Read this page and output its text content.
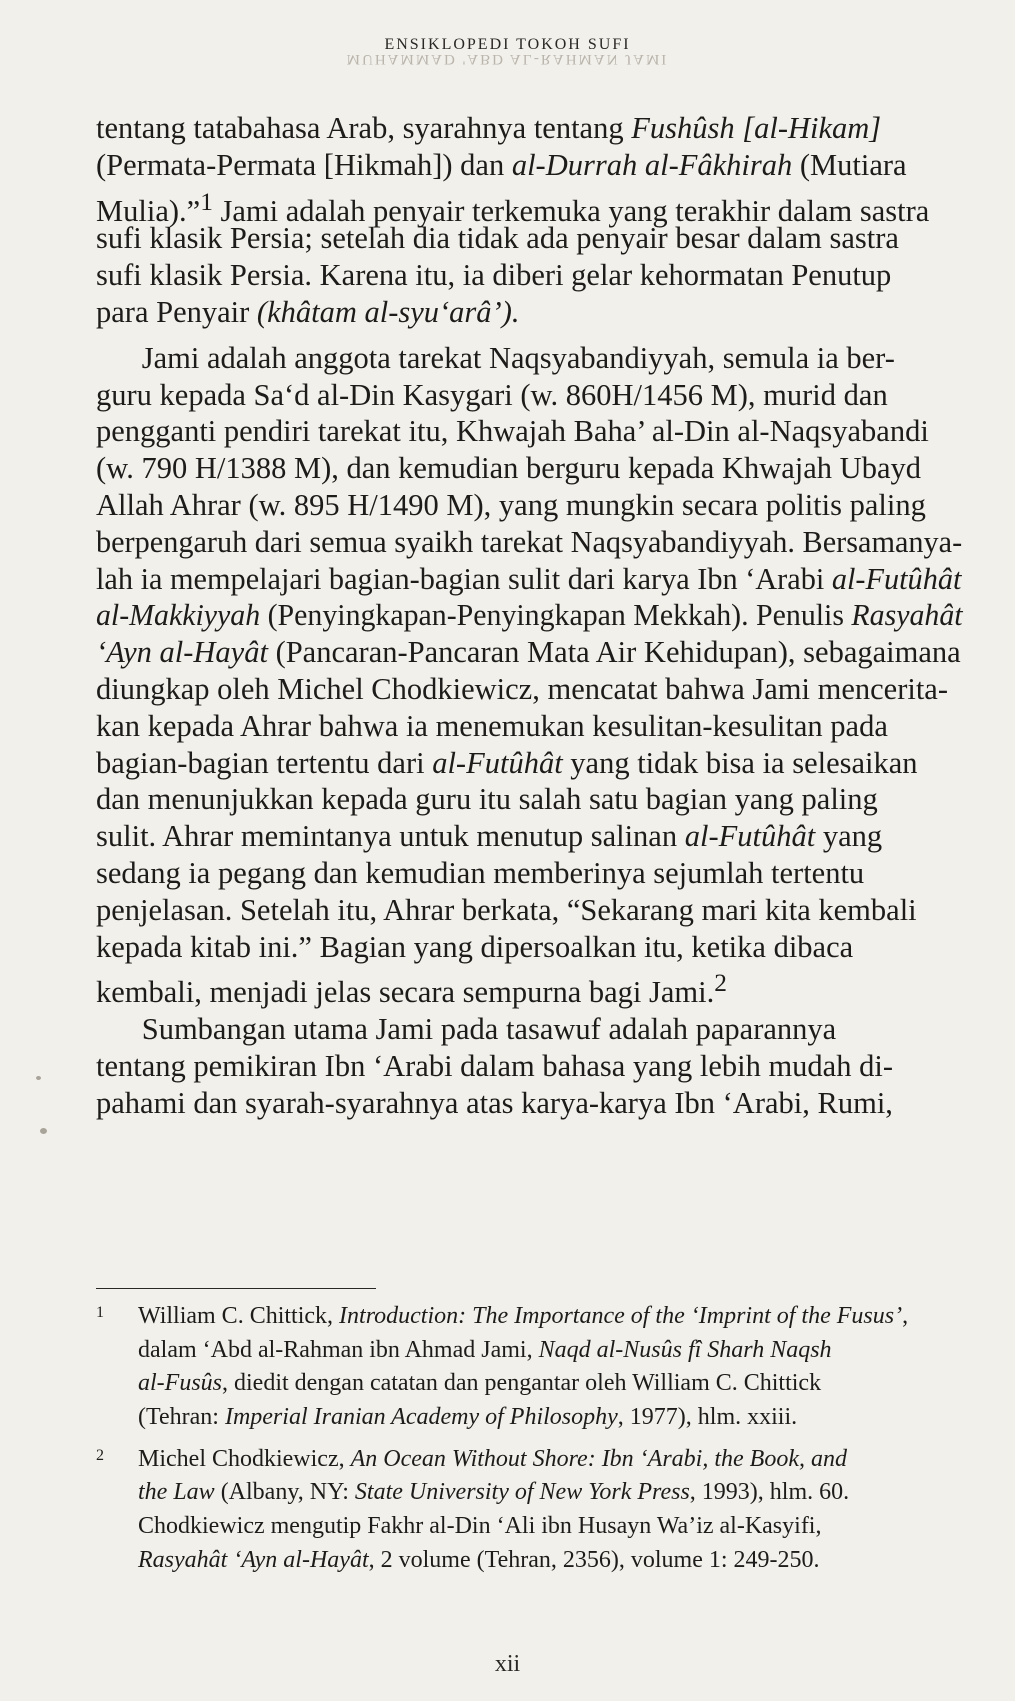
MUHAMMAD 'ABD AL-RAHMAN JAMI
ENSIKLOPEDI TOKOH SUFI
tentang tatabahasa Arab, syarahnya tentang Fushûsh [al-Hikam]
(Permata-Permata [Hikmah]) dan al-Durrah al-Fâkhirah (Mutiara
Mulia).”$^1$ Jami adalah penyair terkemuka yang terakhir dalam sastra
sufi klasik Persia; setelah dia tidak ada penyair besar dalam sastra
sufi klasik Persia. Karena itu, ia diberi gelar kehormatan Penutup
para Penyair (khâtam al-syu‘arâ’).
  Jami adalah anggota tarekat Naqsyabandiyyah, semula ia ber-
guru kepada Sa‘d al-Din Kasygari (w. 860H/1456 M), murid dan
pengganti pendiri tarekat itu, Khwajah Baha’ al-Din al-Naqsyabandi
(w. 790 H/1388 M), dan kemudian berguru kepada Khwajah Ubayd
Allah Ahrar (w. 895 H/1490 M), yang mungkin secara politis paling
berpengaruh dari semua syaikh tarekat Naqsyabandiyyah. Bersamanya-
lah ia mempelajari bagian-bagian sulit dari karya Ibn ‘Arabi al-Futûhât
al-Makkiyyah (Penyingkapan-Penyingkapan Mekkah). Penulis Rasyahât
‘Ayn al-Hayât (Pancaran-Pancaran Mata Air Kehidupan), sebagaimana
diungkap oleh Michel Chodkiewicz, mencatat bahwa Jami mencerita-
kan kepada Ahrar bahwa ia menemukan kesulitan-kesulitan pada
bagian-bagian tertentu dari al-Futûhât yang tidak bisa ia selesaikan
dan menunjukkan kepada guru itu salah satu bagian yang paling
sulit. Ahrar memintanya untuk menutup salinan al-Futûhât yang
sedang ia pegang dan kemudian memberinya sejumlah tertentu
penjelasan. Setelah itu, Ahrar berkata, “Sekarang mari kita kembali
kepada kitab ini.” Bagian yang dipersoalkan itu, ketika dibaca
kembali, menjadi jelas secara sempurna bagi Jami.$^2$
  Sumbangan utama Jami pada tasawuf adalah paparannya
tentang pemikiran Ibn ‘Arabi dalam bahasa yang lebih mudah di-
pahami dan syarah-syarahnya atas karya-karya Ibn ‘Arabi, Rumi,
1 William C. Chittick, Introduction: The Importance of the ‘Imprint of the Fusus’,
dalam ‘Abd al-Rahman ibn Ahmad Jami, Naqd al-Nusûs fî Sharh Naqsh
al-Fusûs, diedit dengan catatan dan pengantar oleh William C. Chittick
(Tehran: Imperial Iranian Academy of Philosophy, 1977), hlm. xxiii.
2 Michel Chodkiewicz, An Ocean Without Shore: Ibn ‘Arabi, the Book, and
the Law (Albany, NY: State University of New York Press, 1993), hlm. 60.
Chodkiewicz mengutip Fakhr al-Din ‘Ali ibn Husayn Wa’iz al-Kasyifi,
Rasyahât ‘Ayn al-Hayât, 2 volume (Tehran, 2356), volume 1: 249-250.
xii
